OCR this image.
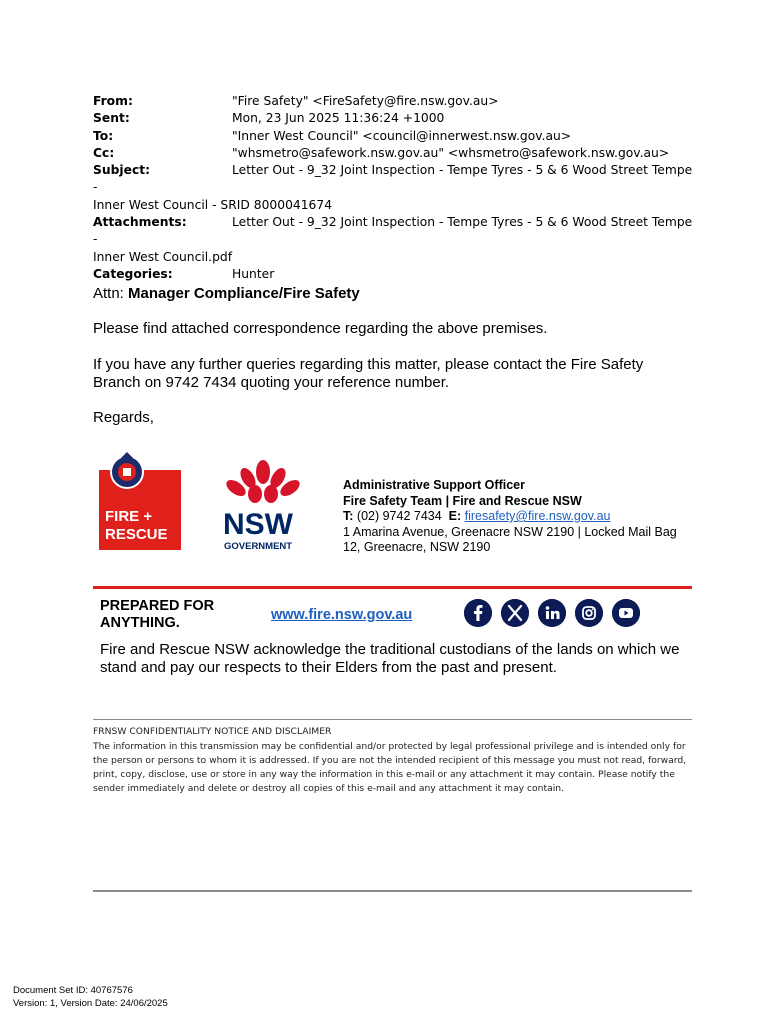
From:	"Fire Safety" <FireSafety@fire.nsw.gov.au>
Sent:	Mon, 23 Jun 2025 11:36:24 +1000
To:	"Inner West Council" <council@innerwest.nsw.gov.au>
Cc:	"whsmetro@safework.nsw.gov.au" <whsmetro@safework.nsw.gov.au>
Subject:	Letter Out - 9_32 Joint Inspection - Tempe Tyres - 5 & 6 Wood Street Tempe -
Inner West Council - SRID 8000041674
Attachments:	Letter Out - 9_32 Joint Inspection - Tempe Tyres - 5 & 6 Wood Street Tempe -
Inner West Council.pdf
Categories:	Hunter
Attn: Manager Compliance/Fire Safety
Please find attached correspondence regarding the above premises.
If you have any further queries regarding this matter, please contact the Fire Safety Branch on 9742 7434 quoting your reference number.
Regards,
FIRE +
RESCUE NSW
GOVERNMENT
Administrative Support Officer
Fire Safety Team | Fire and Rescue NSW
T: (02) 9742 7434 E: firesafety@fire.nsw.gov.au
1 Amarina Avenue, Greenacre NSW 2190 | Locked Mail Bag 12, Greenacre, NSW 2190
PREPARED FOR ANYTHING.	www.fire.nsw.gov.au
Fire and Rescue NSW acknowledge the traditional custodians of the lands on which we stand and pay our respects to their Elders from the past and present.
FRNSW CONFIDENTIALITY NOTICE AND DISCLAIMER
The information in this transmission may be confidential and/or protected by legal professional privilege and is intended only for the person or persons to whom it is addressed. If you are not the intended recipient of this message you must not read, forward, print, copy, disclose, use or store in any way the information in this e-mail or any attachment it may contain. Please notify the sender immediately and delete or destroy all copies of this e-mail and any attachment it may contain.
Document Set ID: 40767576
Version: 1, Version Date: 24/06/2025
